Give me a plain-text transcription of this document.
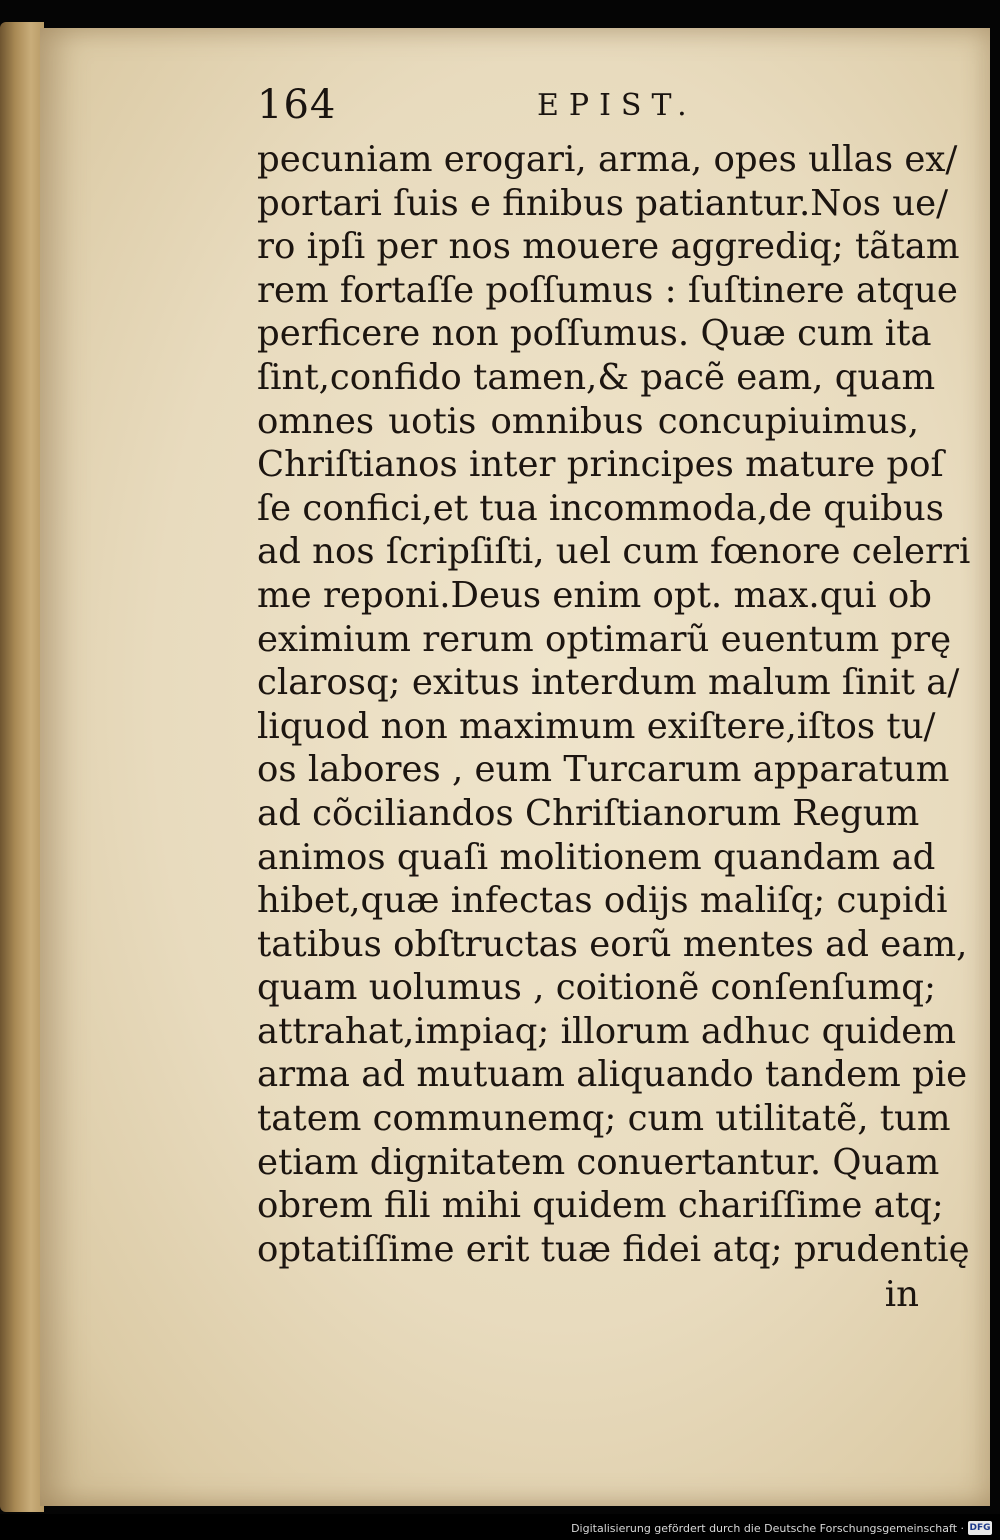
164	EPIST.
pecuniam erogari, arma, opes ullas ex/
portari ſuis e finibus patiantur.Nos ue/
ro ipſi per nos mouere aggrediq; tãtam
rem fortaſſe poſſumus : ſuſtinere atque
perficere non poſſumus. Quæ cum ita
ſint,confido tamen,& pacẽ eam, quam
omnes uotis omnibus concupiuimus,
Chriſtianos inter principes mature poſ
ſe confici,et tua incommoda,de quibus
ad nos ſcripſiſti, uel cum fœnore celerri
me reponi.Deus enim opt. max.qui ob
eximium rerum optimarũ euentum prę
clarosq; exitus interdum malum ſinit a/
liquod non maximum exiſtere,iſtos tu/
os labores , eum Turcarum apparatum
ad cõciliandos Chriſtianorum Regum
animos quaſi molitionem quandam ad
hibet,quæ infectas odijs maliſq; cupidi
tatibus obſtructas eorũ mentes ad eam,
quam uolumus , coitionẽ conſenſumq;
attrahat,impiaq; illorum adhuc quidem
arma ad mutuam aliquando tandem pie
tatem communemq; cum utilitatẽ, tum
etiam dignitatem conuertantur. Quam
obrem fili mihi quidem chariſſime atq;
optatiſſime erit tuæ fidei atq; prudentię
in
Digitalisierung gefördert durch die Deutsche Forschungsgemeinschaft · DFG
